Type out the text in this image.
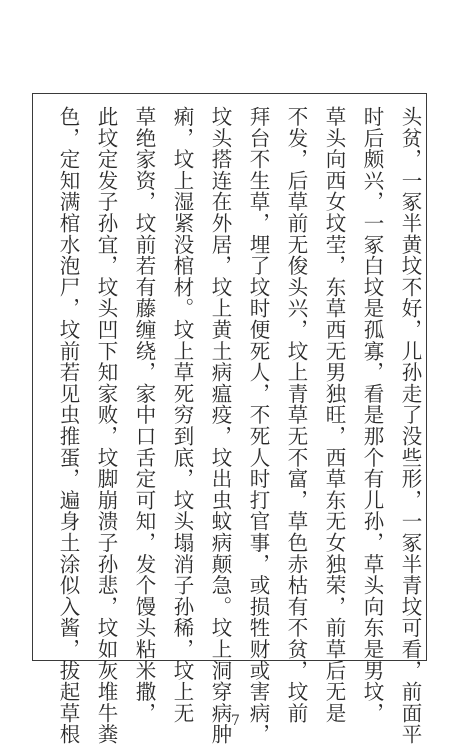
头贫，一冢半黄坟不好，儿孙走了没些形，一冢半青坟可看，前面平
时后颇兴，一冢白坟是孤寡，看是那个有儿孙，草头向东是男坟，
草头向西女坟茔，东草西无男独旺，西草东无女独荣，前草后无是
不发，后草前无俊头兴，坟上青草无不富，草色赤枯有不贫，坟前
拜台不生草，埋了坟时便死人，不死人时打官事，或损牲财或害病，
坟头搭连在外居，坟上黄土病瘟疫，坟出虫蚊病颠急。坟上洞穿病肿
痢，坟上湿紧没棺材。坟上草死穷到底，坟头塌消子孙稀，坟上无
草绝家资，坟前若有藤缠绕，家中口舌定可知，发个馒头粘米撒，
此坟定发子孙宜，坟头凹下知家败，坟脚崩溃子孙悲，坟如灰堆牛粪
色，定知满棺水泡尸，坟前若见虫推蛋，遍身土涂似入酱，拔起草根	7
